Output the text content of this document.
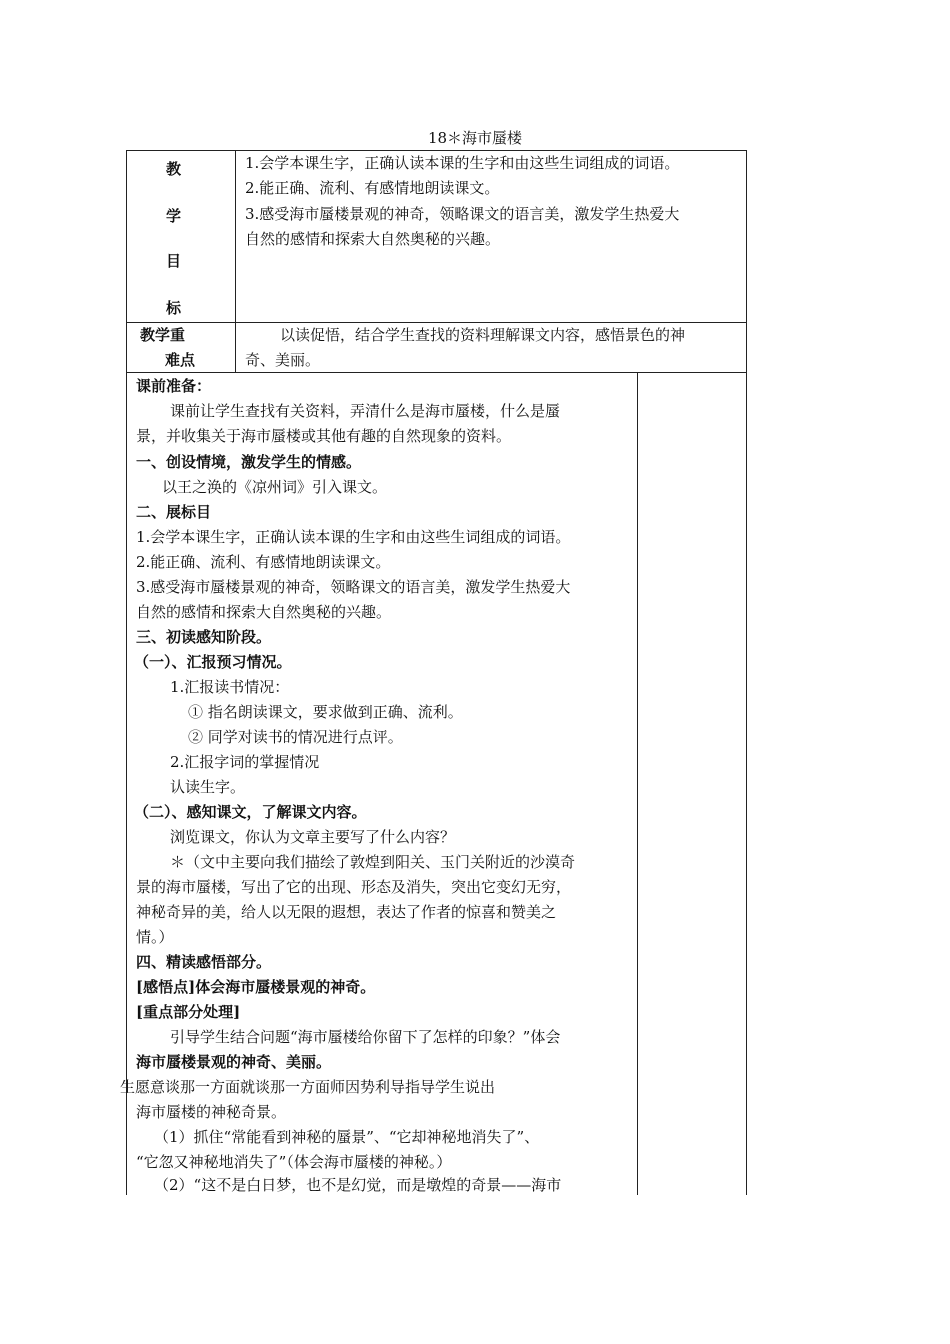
18＊海市蜃楼
教
学
目
标
1.会学本课生字，正确认读本课的生字和由这些生词组成的词语。
2.能正确、流利、有感情地朗读课文。
3.感受海市蜃楼景观的神奇，领略课文的语言美，激发学生热爱大
自然的感情和探索大自然奥秘的兴趣。
教学重
难点
以读促悟，结合学生查找的资料理解课文内容，感悟景色的神
奇、美丽。
课前准备：
课前让学生查找有关资料，弄清什么是海市蜃楼，什么是蜃
景，并收集关于海市蜃楼或其他有趣的自然现象的资料。
一、创设情境，激发学生的情感。
以王之涣的《凉州词》引入课文。
二、展标目
1.会学本课生字，正确认读本课的生字和由这些生词组成的词语。
2.能正确、流利、有感情地朗读课文。
3.感受海市蜃楼景观的神奇，领略课文的语言美，激发学生热爱大
自然的感情和探索大自然奥秘的兴趣。
三、初读感知阶段。
（一）、汇报预习情况。
1.汇报读书情况：
① 指名朗读课文，要求做到正确、流利。
② 同学对读书的情况进行点评。
2.汇报字词的掌握情况
认读生字。
（二）、感知课文，了解课文内容。
浏览课文，你认为文章主要写了什么内容？
＊（文中主要向我们描绘了敦煌到阳关、玉门关附近的沙漠奇
景的海市蜃楼，写出了它的出现、形态及消失，突出它变幻无穷，
神秘奇异的美，给人以无限的遐想，表达了作者的惊喜和赞美之
情。）
四、精读感悟部分。
[感悟点]体会海市蜃楼景观的神奇。
[重点部分处理]
引导学生结合问题“海市蜃楼给你留下了怎样的印象？”体会
海市蜃楼景观的神奇、美丽。
生愿意谈那一方面就谈那一方面师因势利导指导学生说出
海市蜃楼的神秘奇景。
（1）抓住“常能看到神秘的蜃景”、“它却神秘地消失了”、
“它忽又神秘地消失了”（体会海市蜃楼的神秘。）
（2）“这不是白日梦，也不是幻觉，而是墩煌的奇景——海市
